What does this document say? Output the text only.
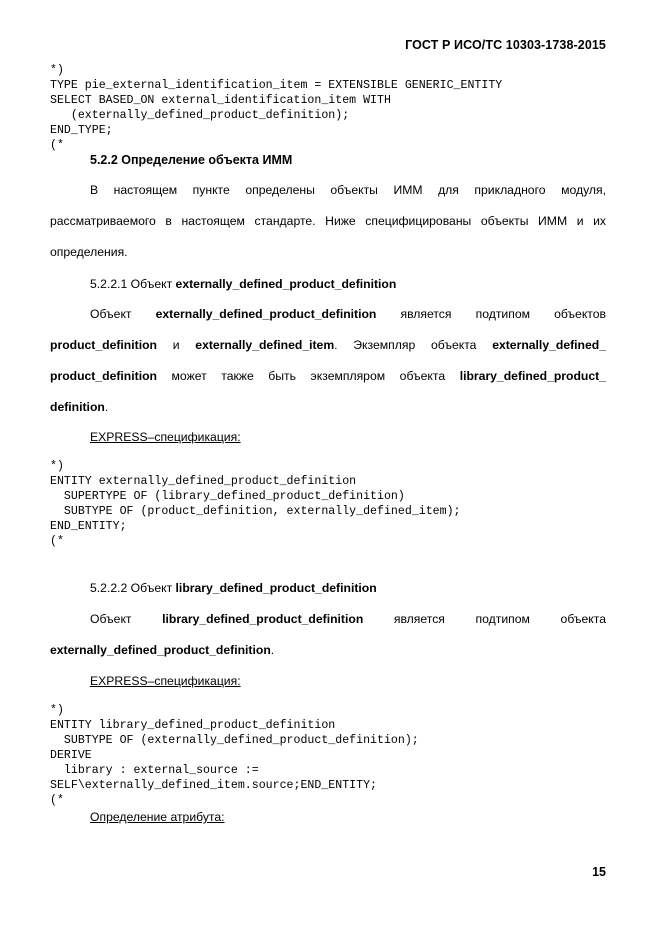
ГОСТ Р ИСО/ТС 10303-1738-2015
*)
TYPE pie_external_identification_item = EXTENSIBLE GENERIC_ENTITY
SELECT BASED_ON external_identification_item WITH
(externally_defined_product_definition);
END_TYPE;
(*
5.2.2 Определение объекта ИММ
В настоящем пункте определены объекты ИММ для прикладного модуля,
рассматриваемого в настоящем стандарте. Ниже специфицированы объекты ИММ и их
определения.
5.2.2.1 Объект externally_defined_product_definition
Объект externally_defined_product_definition является подтипом объектов
product_definition и externally_defined_item. Экземпляр объекта externally_defined_
product_definition может также быть экземпляром объекта library_defined_product_
definition.
EXPRESS–спецификация:
*)
ENTITY externally_defined_product_definition
SUPERTYPE OF (library_defined_product_definition)
SUBTYPE OF (product_definition, externally_defined_item);
END_ENTITY;
(*
5.2.2.2 Объект library_defined_product_definition
Объект	library_defined_product_definition	является	подтипом	объекта
externally_defined_product_definition.
EXPRESS–спецификация:
*)
ENTITY library_defined_product_definition
SUBTYPE OF (externally_defined_product_definition);
DERIVE
library : external_source :=
SELF\externally_defined_item.source;END_ENTITY;
(*
Определение атрибута:
15
